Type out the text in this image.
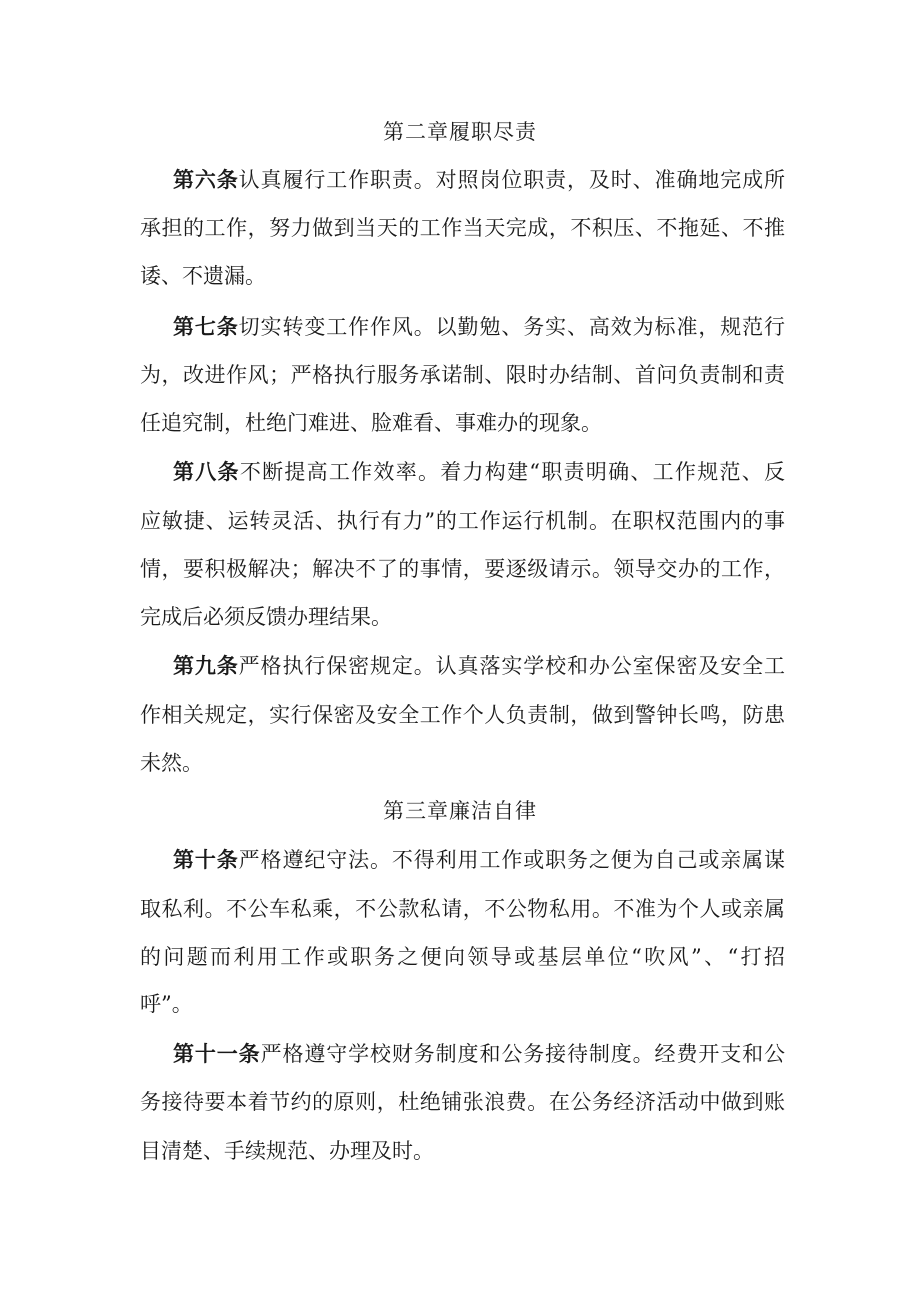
第二章履职尽责
第六条认真履行工作职责。对照岗位职责，及时、准确地完成所
承担的工作，努力做到当天的工作当天完成，不积压、不拖延、不推
诿、不遗漏。
第七条切实转变工作作风。以勤勉、务实、高效为标准，规范行
为，改进作风；严格执行服务承诺制、限时办结制、首问负责制和责
任追究制，杜绝门难进、脸难看、事难办的现象。
第八条不断提高工作效率。着力构建“职责明确、工作规范、反
应敏捷、运转灵活、执行有力”的工作运行机制。在职权范围内的事
情，要积极解决；解决不了的事情，要逐级请示。领导交办的工作，
完成后必须反馈办理结果。
第九条严格执行保密规定。认真落实学校和办公室保密及安全工
作相关规定，实行保密及安全工作个人负责制，做到警钟长鸣，防患
未然。
第三章廉洁自律
第十条严格遵纪守法。不得利用工作或职务之便为自己或亲属谋
取私利。不公车私乘，不公款私请，不公物私用。不准为个人或亲属
的问题而利用工作或职务之便向领导或基层单位“吹风”、“打招
呼”。
第十一条严格遵守学校财务制度和公务接待制度。经费开支和公
务接待要本着节约的原则，杜绝铺张浪费。在公务经济活动中做到账
目清楚、手续规范、办理及时。
